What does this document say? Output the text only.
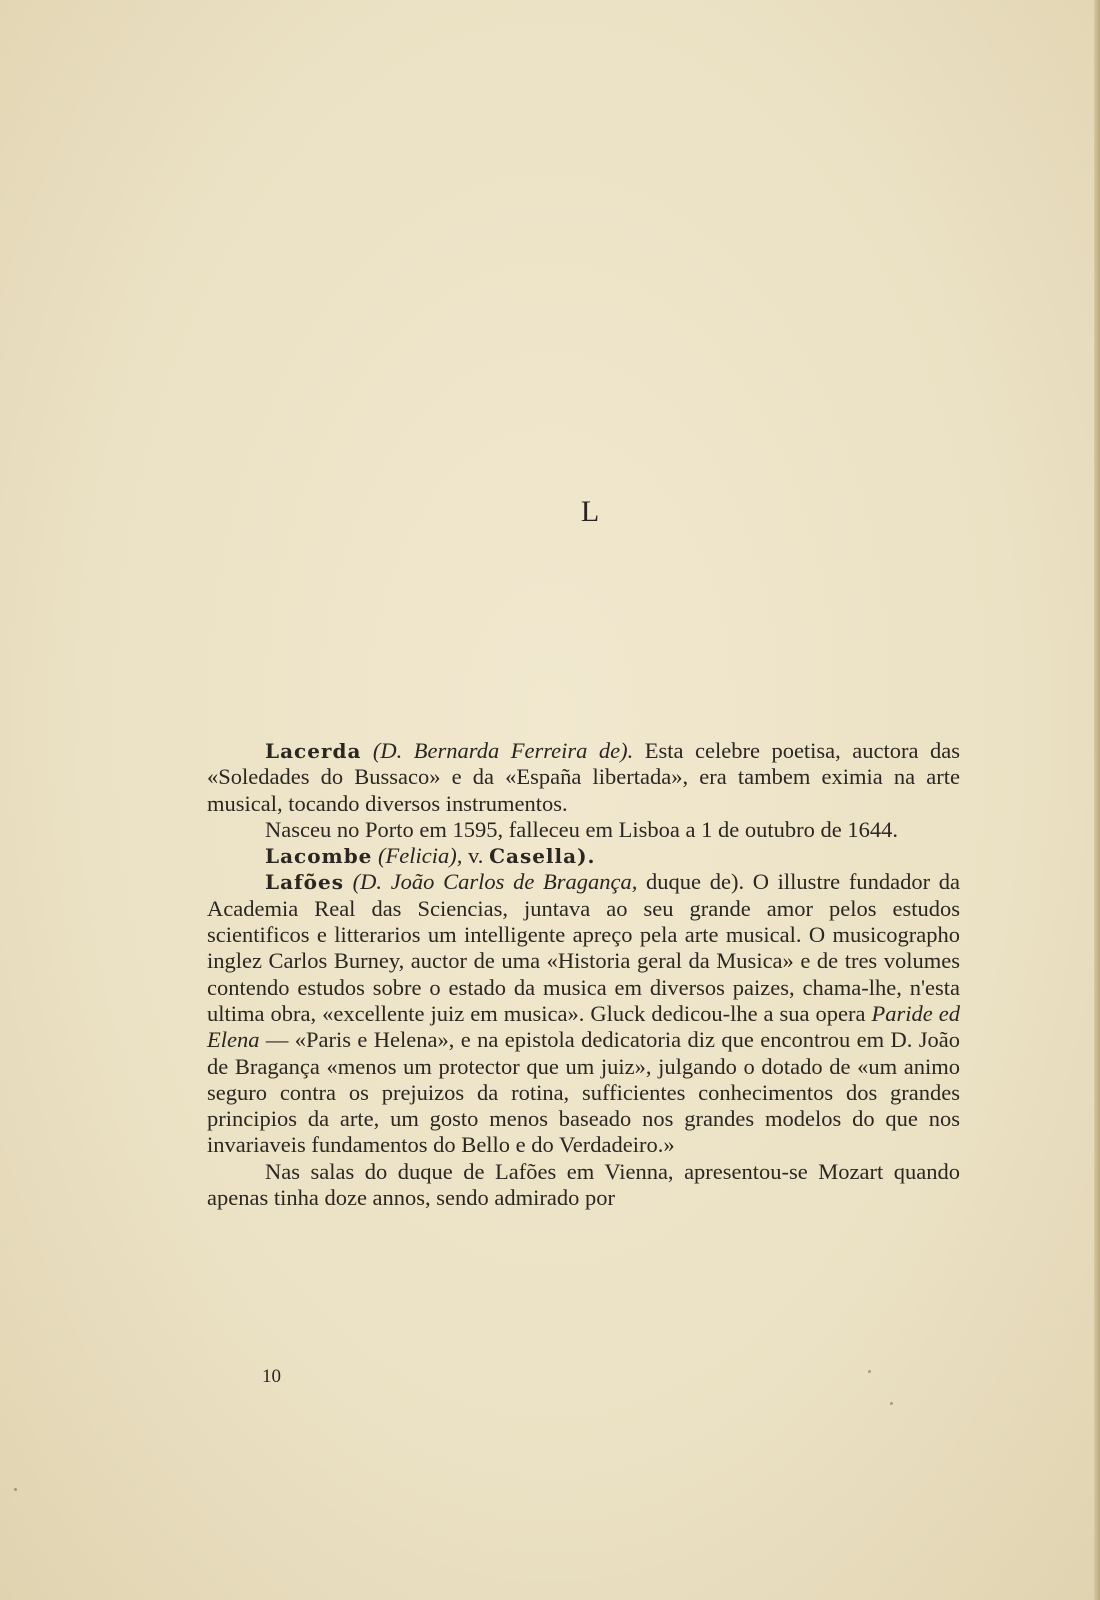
L

Lacerda (D. Bernarda Ferreira de). Esta celebre poetisa, auctora das «Soledades do Bussaco» e da «España libertada», era tambem eximia na arte musical, tocando diversos instrumentos.

Nasceu no Porto em 1595, falleceu em Lisboa a 1 de outubro de 1644.

Lacombe (Felicia), v. Casella).

Lafões (D. João Carlos de Bragança, duque de). O illustre fundador da Academia Real das Sciencias, juntava ao seu grande amor pelos estudos scientificos e litterarios um intelligente apreço pela arte musical. O musicographo inglez Carlos Burney, auctor de uma «Historia geral da Musica» e de tres volumes contendo estudos sobre o estado da musica em diversos paizes, chama-lhe, n'esta ultima obra, «excellente juiz em musica». Gluck dedicou-lhe a sua opera Paride ed Elena — «Paris e Helena», e na epistola dedicatoria diz que encontrou em D. João de Bragança «menos um protector que um juiz», julgando o dotado de «um animo seguro contra os prejuizos da rotina, sufficientes conhecimentos dos grandes principios da arte, um gosto menos baseado nos grandes modelos do que nos invariaveis fundamentos do Bello e do Verdadeiro.»

Nas salas do duque de Lafões em Vienna, apresentou-se Mozart quando apenas tinha doze annos, sendo admirado por

10
